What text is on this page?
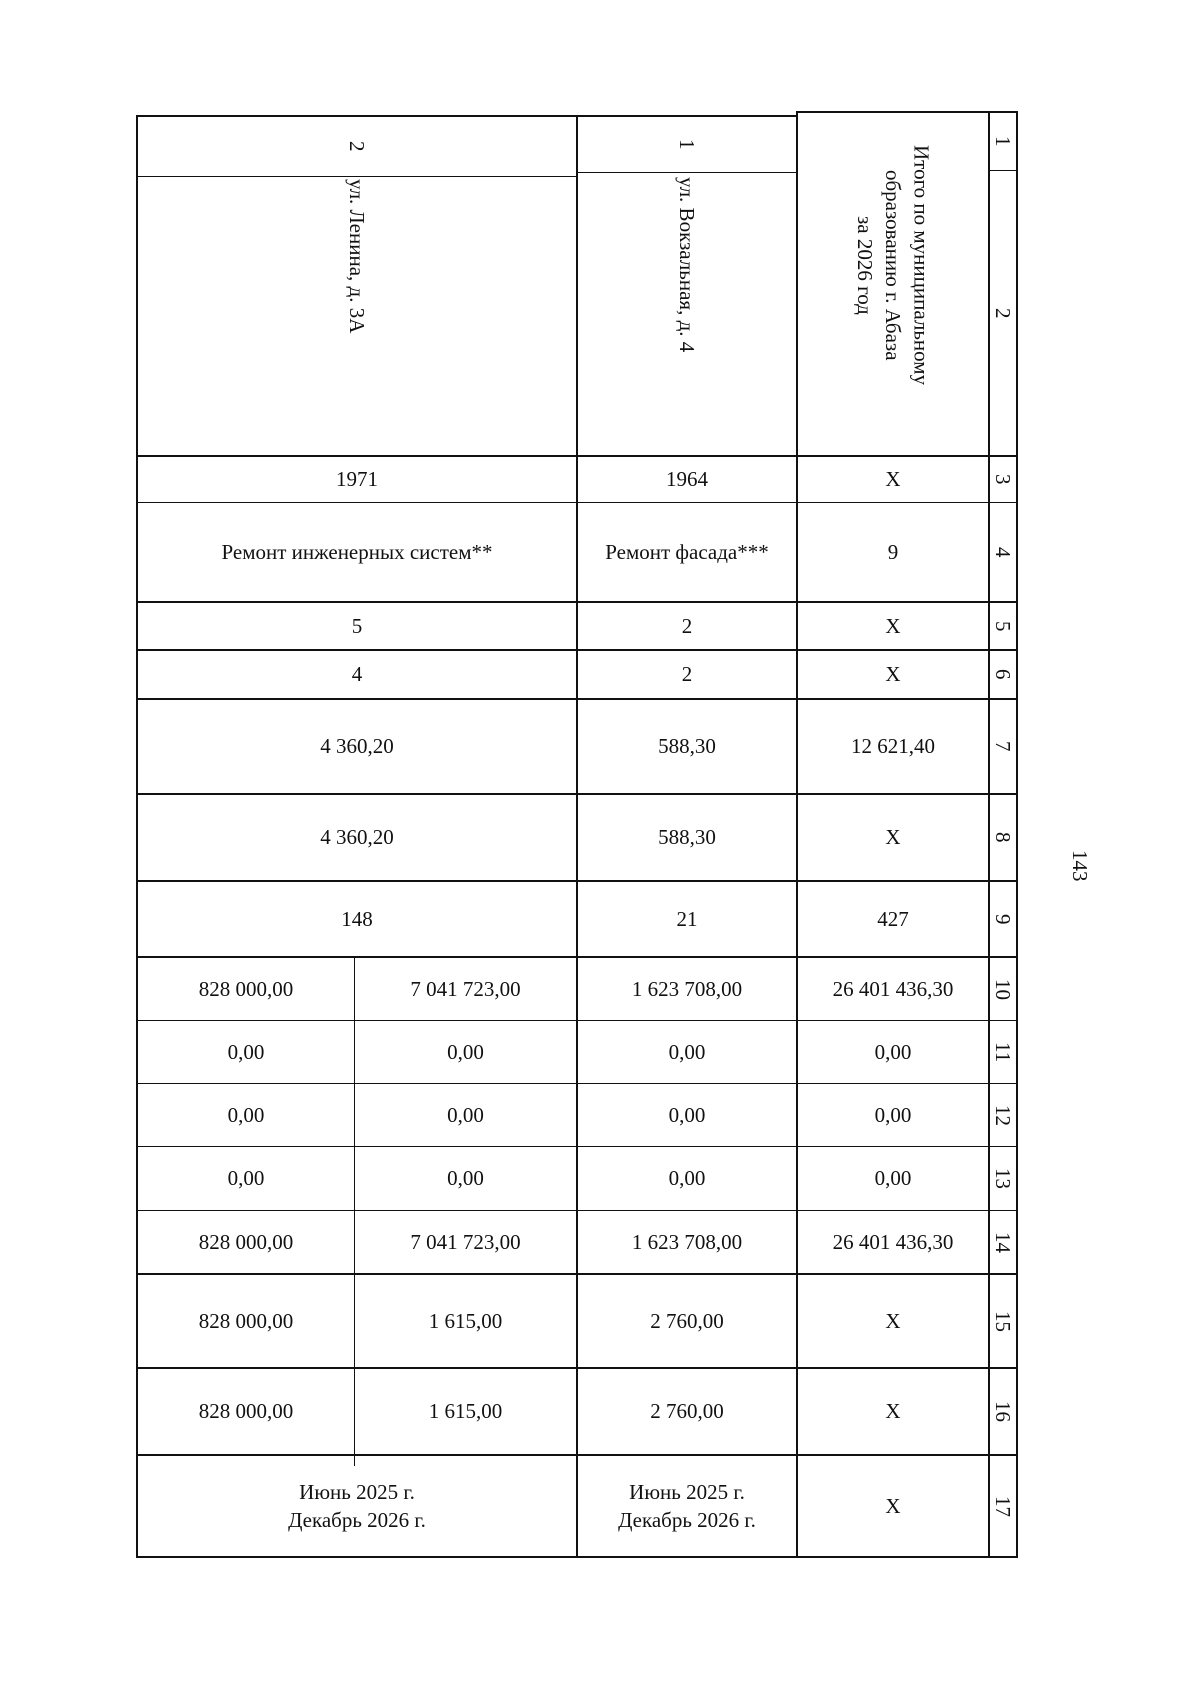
143
1
2
3
4
5
6
7
8
9
10
11
12
13
14
15
16
17
Итого по муниципальному
образованию г. Абаза
за 2026 год
1
ул. Вокзальная, д. 4
2
ул. Ленина, д. 3А
X
1964
1971
9
Ремонт фасада***
Ремонт инженерных систем**
X
2
5
X
2
4
12 621,40
588,30
4 360,20
X
588,30
4 360,20
427
21
148
26 401 436,30
1 623 708,00
7 041 723,00
828 000,00
0,00
0,00
0,00
0,00
0,00
0,00
0,00
0,00
0,00
0,00
0,00
0,00
26 401 436,30
1 623 708,00
7 041 723,00
828 000,00
X
2 760,00
1 615,00
828 000,00
X
2 760,00
1 615,00
828 000,00
X
Июнь 2025 г.
Декабрь 2026 г.
Июнь 2025 г.
Декабрь 2026 г.
